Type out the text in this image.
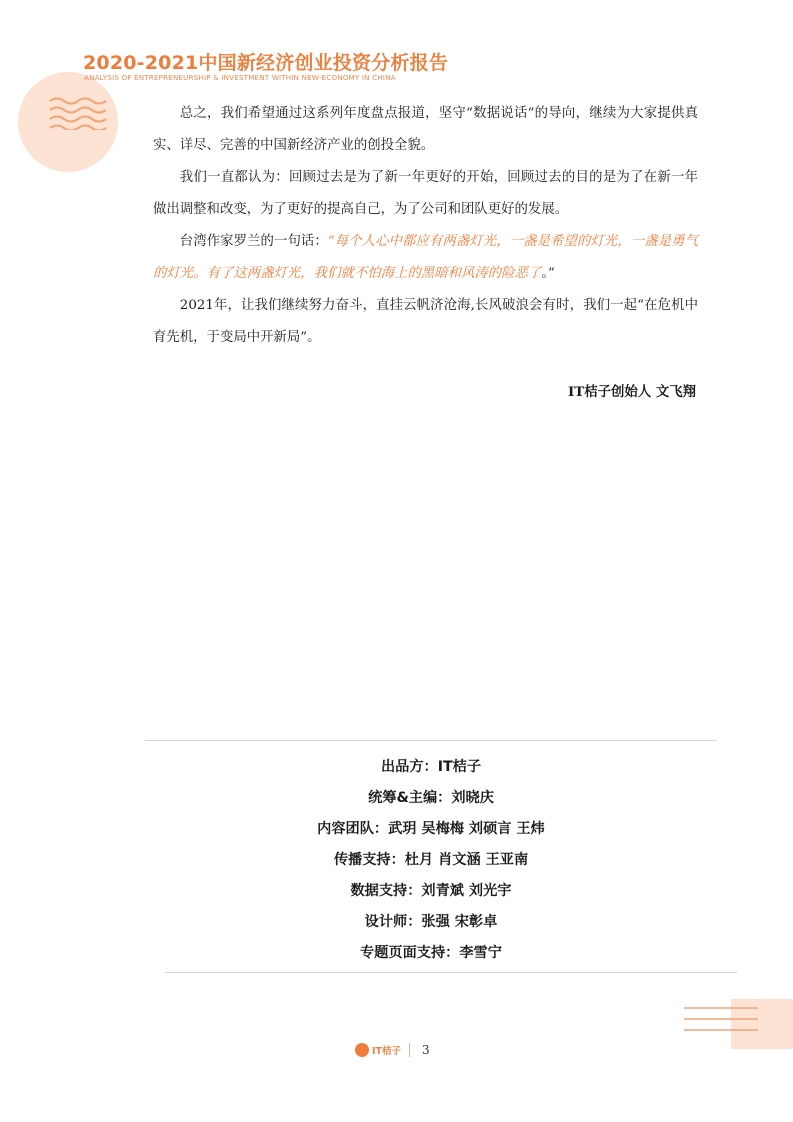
2020-2021中国新经济创业投资分析报告
ANALYSIS OF ENTREPRENEURSHIP & INVESTMENT WITHIN NEW-ECONOMY IN CHINA

总之，我们希望通过这系列年度盘点报道，坚守“数据说话”的导向，继续为大家提供真实、详尽、完善的中国新经济产业的创投全貌。

我们一直都认为：回顾过去是为了新一年更好的开始，回顾过去的目的是为了在新一年做出调整和改变，为了更好的提高自己，为了公司和团队更好的发展。

台湾作家罗兰的一句话：“每个人心中都应有两盏灯光，一盏是希望的灯光，一盏是勇气的灯光。有了这两盏灯光，我们就不怕海上的黑暗和风涛的险恶了。”

2021年，让我们继续努力奋斗，直挂云帆济沧海,长风破浪会有时，我们一起“在危机中育先机，于变局中开新局”。

IT桔子创始人 文飞翔
出品方：IT桔子
统筹&主编：刘晓庆
内容团队：武玥 吴梅梅 刘硕言 王炜
传播支持：杜月 肖文涵 王亚南
数据支持：刘青斌 刘光宇
设计师：张强 宋彰卓
专题页面支持：李雪宁
IT桔子 3
